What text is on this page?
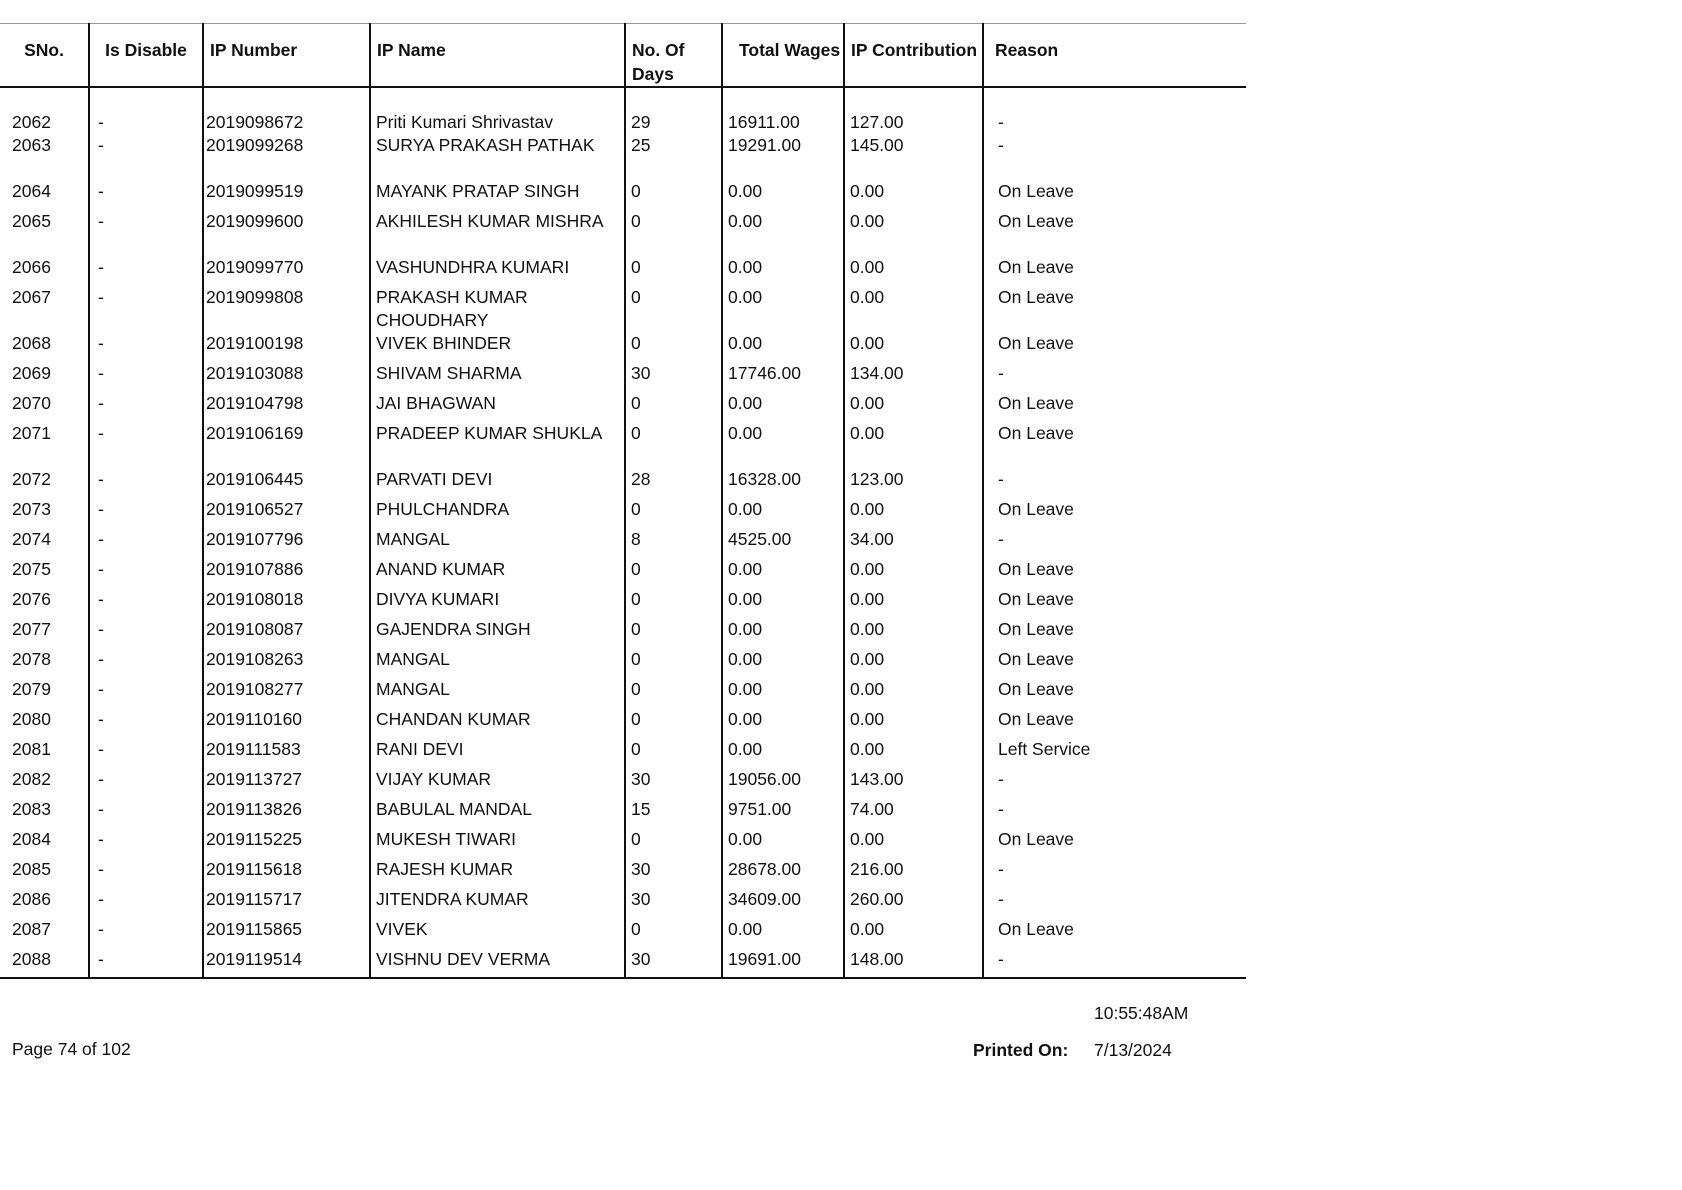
SNo.	Is Disable	IP Number	IP Name	No. Of Days	Total Wages	IP Contribution	Reason
2062	-	2019098672	Priti Kumari Shrivastav	29	16911.00	127.00	-
2063	-	2019099268	SURYA PRAKASH PATHAK	25	19291.00	145.00	-
2064	-	2019099519	MAYANK PRATAP SINGH	0	0.00	0.00	On Leave
2065	-	2019099600	AKHILESH KUMAR MISHRA	0	0.00	0.00	On Leave
2066	-	2019099770	VASHUNDHRA KUMARI	0	0.00	0.00	On Leave
2067	-	2019099808	PRAKASH KUMAR CHOUDHARY	0	0.00	0.00	On Leave
2068	-	2019100198	VIVEK BHINDER	0	0.00	0.00	On Leave
2069	-	2019103088	SHIVAM SHARMA	30	17746.00	134.00	-
2070	-	2019104798	JAI BHAGWAN	0	0.00	0.00	On Leave
2071	-	2019106169	PRADEEP KUMAR SHUKLA	0	0.00	0.00	On Leave
2072	-	2019106445	PARVATI DEVI	28	16328.00	123.00	-
2073	-	2019106527	PHULCHANDRA	0	0.00	0.00	On Leave
2074	-	2019107796	MANGAL	8	4525.00	34.00	-
2075	-	2019107886	ANAND KUMAR	0	0.00	0.00	On Leave
2076	-	2019108018	DIVYA KUMARI	0	0.00	0.00	On Leave
2077	-	2019108087	GAJENDRA SINGH	0	0.00	0.00	On Leave
2078	-	2019108263	MANGAL	0	0.00	0.00	On Leave
2079	-	2019108277	MANGAL	0	0.00	0.00	On Leave
2080	-	2019110160	CHANDAN KUMAR	0	0.00	0.00	On Leave
2081	-	2019111583	RANI DEVI	0	0.00	0.00	Left Service
2082	-	2019113727	VIJAY KUMAR	30	19056.00	143.00	-
2083	-	2019113826	BABULAL MANDAL	15	9751.00	74.00	-
2084	-	2019115225	MUKESH TIWARI	0	0.00	0.00	On Leave
2085	-	2019115618	RAJESH KUMAR	30	28678.00	216.00	-
2086	-	2019115717	JITENDRA KUMAR	30	34609.00	260.00	-
2087	-	2019115865	VIVEK	0	0.00	0.00	On Leave
2088	-	2019119514	VISHNU DEV VERMA	30	19691.00	148.00	-
10:55:48AM
Page 74 of 102	Printed On: 7/13/2024
